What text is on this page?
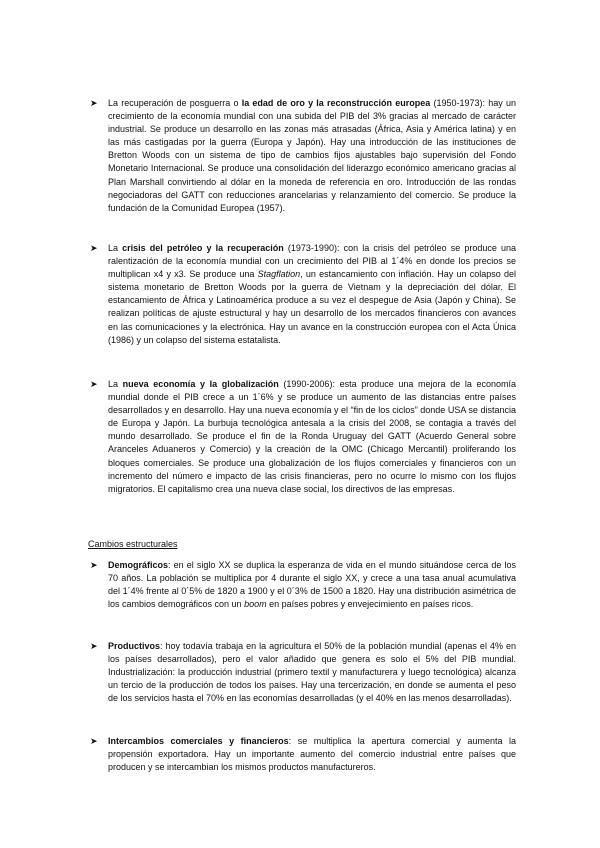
➤ La recuperación de posguerra o la edad de oro y la reconstrucción europea (1950-1973): hay un crecimiento de la economía mundial con una subida del PIB del 3% gracias al mercado de carácter industrial. Se produce un desarrollo en las zonas más atrasadas (África, Asia y América latina) y en las más castigadas por la guerra (Europa y Japón). Hay una introducción de las instituciones de Bretton Woods con un sistema de tipo de cambios fijos ajustables bajo supervisión del Fondo Monetario Internacional. Se produce una consolidación del liderazgo económico americano gracias al Plan Marshall convirtiendo al dólar en la moneda de referencia en oro. Introducción de las rondas negociadoras del GATT con reducciones arancelarias y relanzamiento del comercio. Se produce la fundación de la Comunidad Europea (1957).

➤ La crisis del petróleo y la recuperación (1973-1990): con la crisis del petróleo se produce una ralentización de la economía mundial con un crecimiento del PIB al 1´4% en donde los precios se multiplican x4 y x3. Se produce una Stagflation, un estancamiento con inflación. Hay un colapso del sistema monetario de Bretton Woods por la guerra de Vietnam y la depreciación del dólar. El estancamiento de África y Latinoamérica produce a su vez el despegue de Asia (Japón y China). Se realizan políticas de ajuste estructural y hay un desarrollo de los mercados financieros con avances en las comunicaciones y la electrónica. Hay un avance en la construcción europea con el Acta Única (1986) y un colapso del sistema estatalista.

➤ La nueva economía y la globalización (1990-2006): esta produce una mejora de la economía mundial donde el PIB crece a un 1´6% y se produce un aumento de las distancias entre países desarrollados y en desarrollo. Hay una nueva economía y el “fin de los ciclos” donde USA se distancia de Europa y Japón. La burbuja tecnológica antesala a la crisis del 2008, se contagia a través del mundo desarrollado. Se produce el fin de la Ronda Uruguay del GATT (Acuerdo General sobre Aranceles Aduaneros y Comercio) y la creación de la OMC (Chicago Mercantil) proliferando los bloques comerciales. Se produce una globalización de los flujos comerciales y financieros con un incremento del número e impacto de las crisis financieras, pero no ocurre lo mismo con los flujos migratorios. El capitalismo crea una nueva clase social, los directivos de las empresas.

Cambios estructurales

➤ Demográficos: en el siglo XX se duplica la esperanza de vida en el mundo situándose cerca de los 70 años. La población se multiplica por 4 durante el siglo XX, y crece a una tasa anual acumulativa del 1´4% frente al 0´5% de 1820 a 1900 y el 0´3% de 1500 a 1820. Hay una distribución asimétrica de los cambios demográficos con un boom en países pobres y envejecimiento en países ricos.

➤ Productivos: hoy todavía trabaja en la agricultura el 50% de la población mundial (apenas el 4% en los países desarrollados), pero el valor añadido que genera es solo el 5% del PIB mundial. Industrialización: la producción industrial (primero textil y manufacturera y luego tecnológica) alcanza un tercio de la producción de todos los países. Hay una tercerización, en donde se aumenta el peso de los servicios hasta el 70% en las economías desarrolladas (y el 40% en las menos desarrolladas).

➤ Intercambios comerciales y financieros: se multiplica la apertura comercial y aumenta la propensión exportadora. Hay un importante aumento del comercio industrial entre países que producen y se intercambian los mismos productos manufactureros.
